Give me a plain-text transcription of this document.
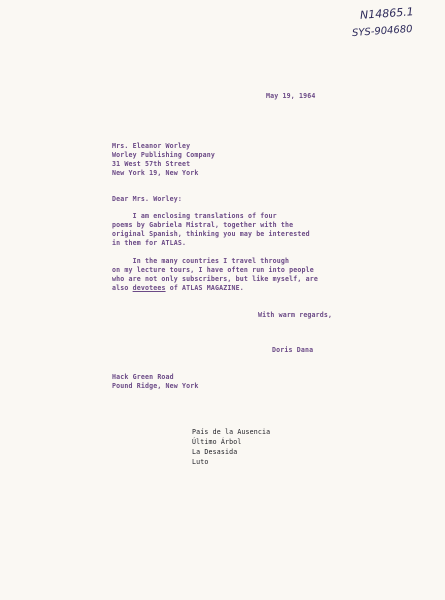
N14865.1
SYS-904680
May 19, 1964
Mrs. Eleanor Worley
Worley Publishing Company
31 West 57th Street
New York 19, New York
Dear Mrs. Worley:
I am enclosing translations of four
poems by Gabriela Mistral, together with the
original Spanish, thinking you may be interested
in them for ATLAS.
In the many countries I travel through
on my lecture tours, I have often run into people
who are not only subscribers, but like myself, are
also devotees of ATLAS MAGAZINE.
With warm regards,
Doris Dana
Hack Green Road
Pound Ridge, New York
País de la Ausencia
Último Árbol
La Desasida
Luto
